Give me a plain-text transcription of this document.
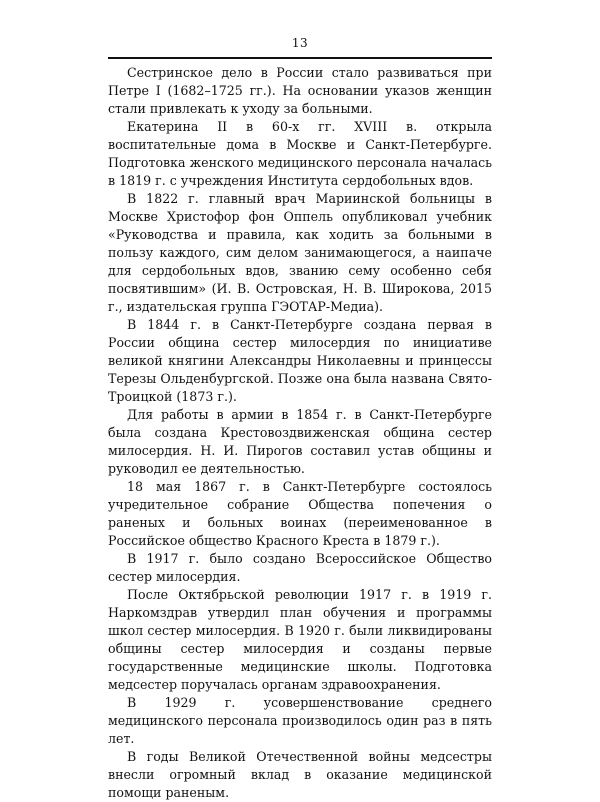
13

Сестринское дело в России стало развиваться при Петре I (1682–1725 гг.). На основании указов женщин стали привлекать к уходу за больными.

Екатерина II в 60-х гг. XVIII в. открыла воспитательные дома в Москве и Санкт-Петербурге. Подготовка женского медицинского персонала началась в 1819 г. с учреждения Института сердобольных вдов.

В 1822 г. главный врач Мариинской больницы в Москве Христофор фон Оппель опубликовал учебник «Руководства и правила, как ходить за больными в пользу каждого, сим делом занимающегося, а наипаче для сердобольных вдов, званию сему особенно себя посвятившим» (И. В. Островская, Н. В. Широкова, 2015 г., издательская группа ГЭОТАР-Медиа).

В 1844 г. в Санкт-Петербурге создана первая в России община сестер милосердия по инициативе великой княгини Александры Николаевны и принцессы Терезы Ольденбургской. Позже она была названа Свято-Троицкой (1873 г.).

Для работы в армии в 1854 г. в Санкт-Петербурге была создана Крестовоздвиженская община сестер милосердия. Н. И. Пирогов составил устав общины и руководил ее деятельностью.

18 мая 1867 г. в Санкт-Петербурге состоялось учредительное собрание Общества попечения о раненых и больных воинах (переименованное в Российское общество Красного Креста в 1879 г.).

В 1917 г. было создано Всероссийское Общество сестер милосердия.

После Октябрьской революции 1917 г. в 1919 г. Наркомздрав утвердил план обучения и программы школ сестер милосердия. В 1920 г. были ликвидированы общины сестер милосердия и созданы первые государственные медицинские школы. Подготовка медсестер поручалась органам здравоохранения.

В 1929 г. усовершенствование среднего медицинского персонала производилось один раз в пять лет.

В годы Великой Отечественной войны медсестры внесли огромный вклад в оказание медицинской помощи раненым.
